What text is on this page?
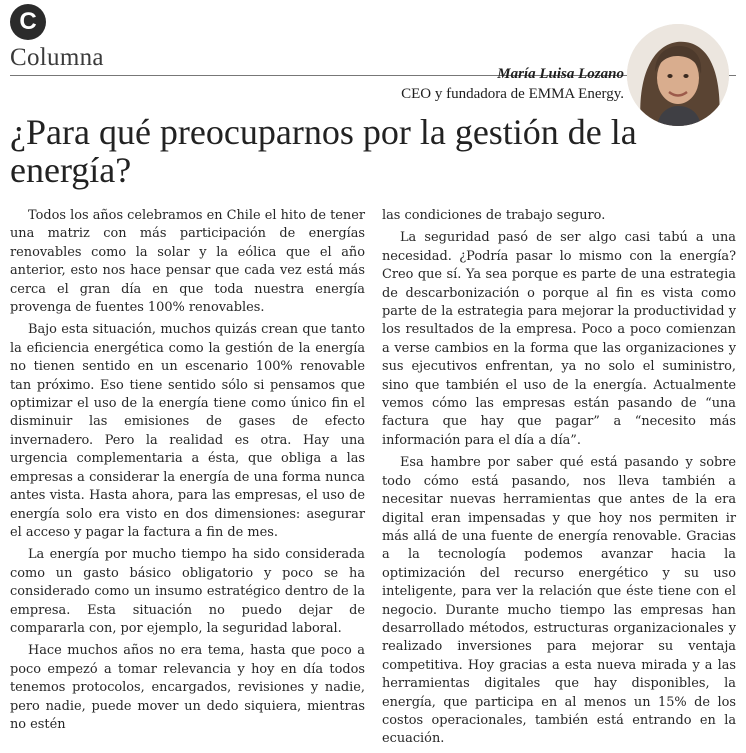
C
Columna
María Luisa Lozano
CEO y fundadora de EMMA Energy.
¿Para qué preocuparnos por la gestión de la energía?

Todos los años celebramos en Chile el hito de tener una matriz con más participación de energías renovables como la solar y la eólica que el año anterior, esto nos hace pensar que cada vez está más cerca el gran día en que toda nuestra energía provenga de fuentes 100% renovables.

Bajo esta situación, muchos quizás crean que tanto la eficiencia energética como la gestión de la energía no tienen sentido en un escenario 100% renovable tan próximo. Eso tiene sentido sólo si pensamos que optimizar el uso de la energía tiene como único fin el disminuir las emisiones de gases de efecto invernadero. Pero la realidad es otra. Hay una urgencia complementaria a ésta, que obliga a las empresas a considerar la energía de una forma nunca antes vista. Hasta ahora, para las empresas, el uso de energía solo era visto en dos dimensiones: asegurar el acceso y pagar la factura a fin de mes.

La energía por mucho tiempo ha sido considerada como un gasto básico obligatorio y poco se ha considerado como un insumo estratégico dentro de la empresa. Esta situación no puedo dejar de compararla con, por ejemplo, la seguridad laboral.

Hace muchos años no era tema, hasta que poco a poco empezó a tomar relevancia y hoy en día todos tenemos protocolos, encargados, revisiones y nadie, pero nadie, puede mover un dedo siquiera, mientras no estén

las condiciones de trabajo seguro.

La seguridad pasó de ser algo casi tabú a una necesidad. ¿Podría pasar lo mismo con la energía? Creo que sí. Ya sea porque es parte de una estrategia de descarbonización o porque al fin es vista como parte de la estrategia para mejorar la productividad y los resultados de la empresa. Poco a poco comienzan a verse cambios en la forma que las organizaciones y sus ejecutivos enfrentan, ya no solo el suministro, sino que también el uso de la energía. Actualmente vemos cómo las empresas están pasando de “una factura que hay que pagar” a “necesito más información para el día a día”.

Esa hambre por saber qué está pasando y sobre todo cómo está pasando, nos lleva también a necesitar nuevas herramientas que antes de la era digital eran impensadas y que hoy nos permiten ir más allá de una fuente de energía renovable. Gracias a la tecnología podemos avanzar hacia la optimización del recurso energético y su uso inteligente, para ver la relación que éste tiene con el negocio. Durante mucho tiempo las empresas han desarrollado métodos, estructuras organizacionales y realizado inversiones para mejorar su ventaja competitiva. Hoy gracias a esta nueva mirada y a las herramientas digitales que hay disponibles, la energía, que participa en al menos un 15% de los costos operacionales, también está entrando en la ecuación.
